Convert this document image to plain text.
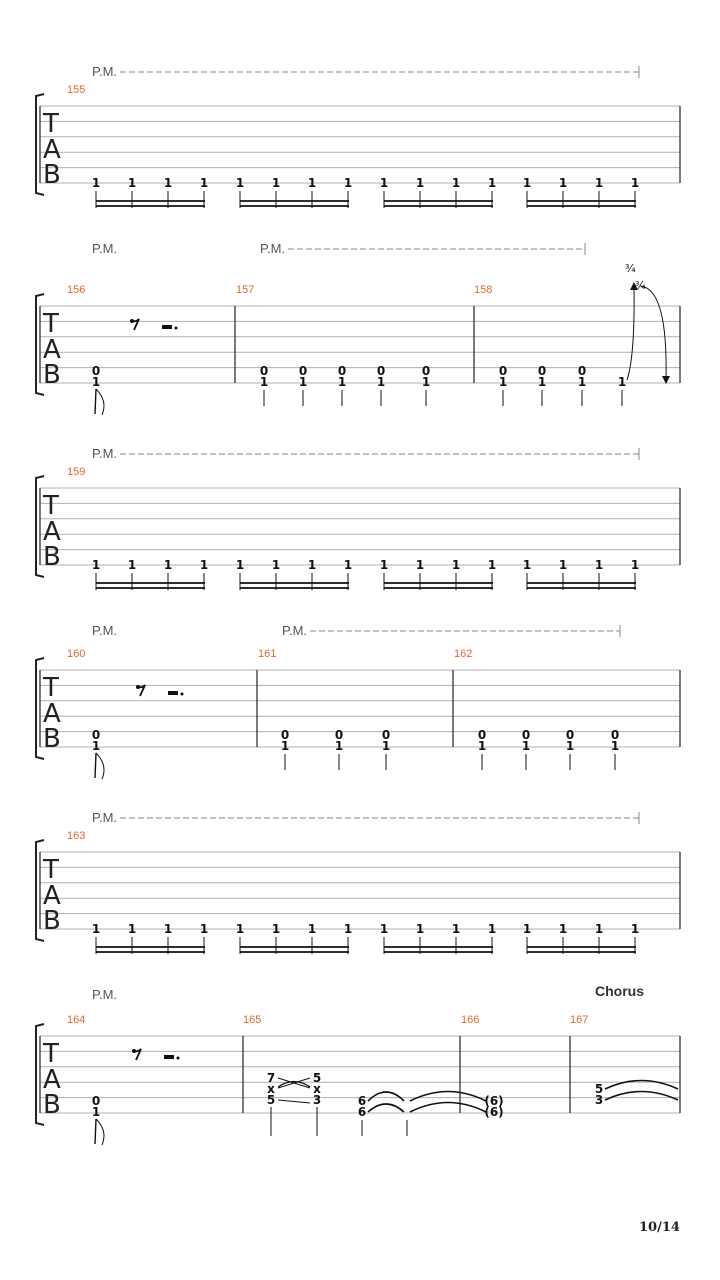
T
A
B
155
P.M.
1 1 1 1 1 1 1 1 1 1 1 1 1 1 1 1
T
A
B
159
P.M.
1 1 1 1 1 1 1 1 1 1 1 1 1 1 1 1
T
A
B
163
P.M.
1 1 1 1 1 1 1 1 1 1 1 1 1 1 1 1
T
A
B
156	157	158
P.M.	P.M.
0
1
0
1
0
1
0
1
0
1
0
1
0
1
0
1
0
1	1
¾
¾
T
A
B
160	161	162
P.M.	P.M.
0
1
0
1
0
1
0
1
0
1
0
1
0
1
0
1
T
A
B
164	165	166	167
P.M.	Chorus
0
1
7
x
5
5
x
3	6
6
(6)
(6)
5
3
10/14
